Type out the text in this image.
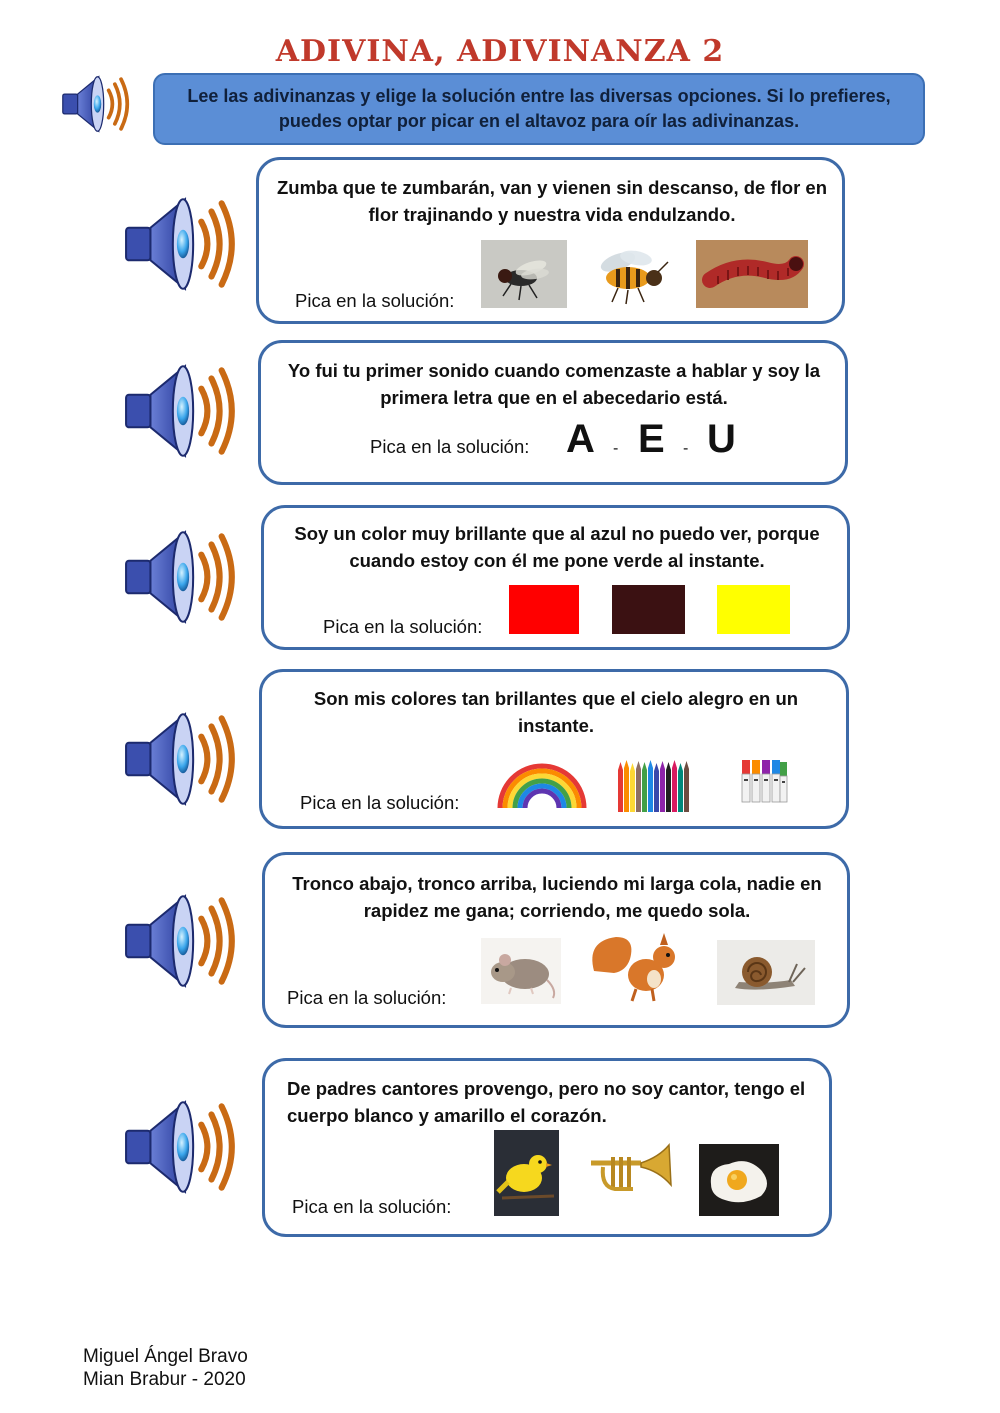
ADIVINA, ADIVINANZA 2
Lee las adivinanzas y elige la solución entre las diversas opciones. Si lo prefieres, puedes optar por picar en el altavoz para oír las adivinanzas.
Zumba que te zumbarán, van y vienen sin descanso, de flor en flor trajinando y nuestra vida endulzando.
Pica en la solución:
Yo fui tu primer sonido cuando comenzaste a hablar y soy la primera letra que en el abecedario está.
Pica en la solución: A - E - U
Soy un color muy brillante que al azul no puedo ver, porque cuando estoy con él me pone verde al instante.
Pica en la solución:
Son mis colores tan brillantes que el cielo alegro en un instante.
Pica en la solución:
Tronco abajo, tronco arriba, luciendo mi larga cola, nadie en rapidez me gana; corriendo, me quedo sola.
Pica en la solución:
De padres cantores provengo, pero no soy cantor, tengo el cuerpo blanco y amarillo el corazón.
Pica en la solución:
Miguel Ángel Bravo
Mian Brabur - 2020
